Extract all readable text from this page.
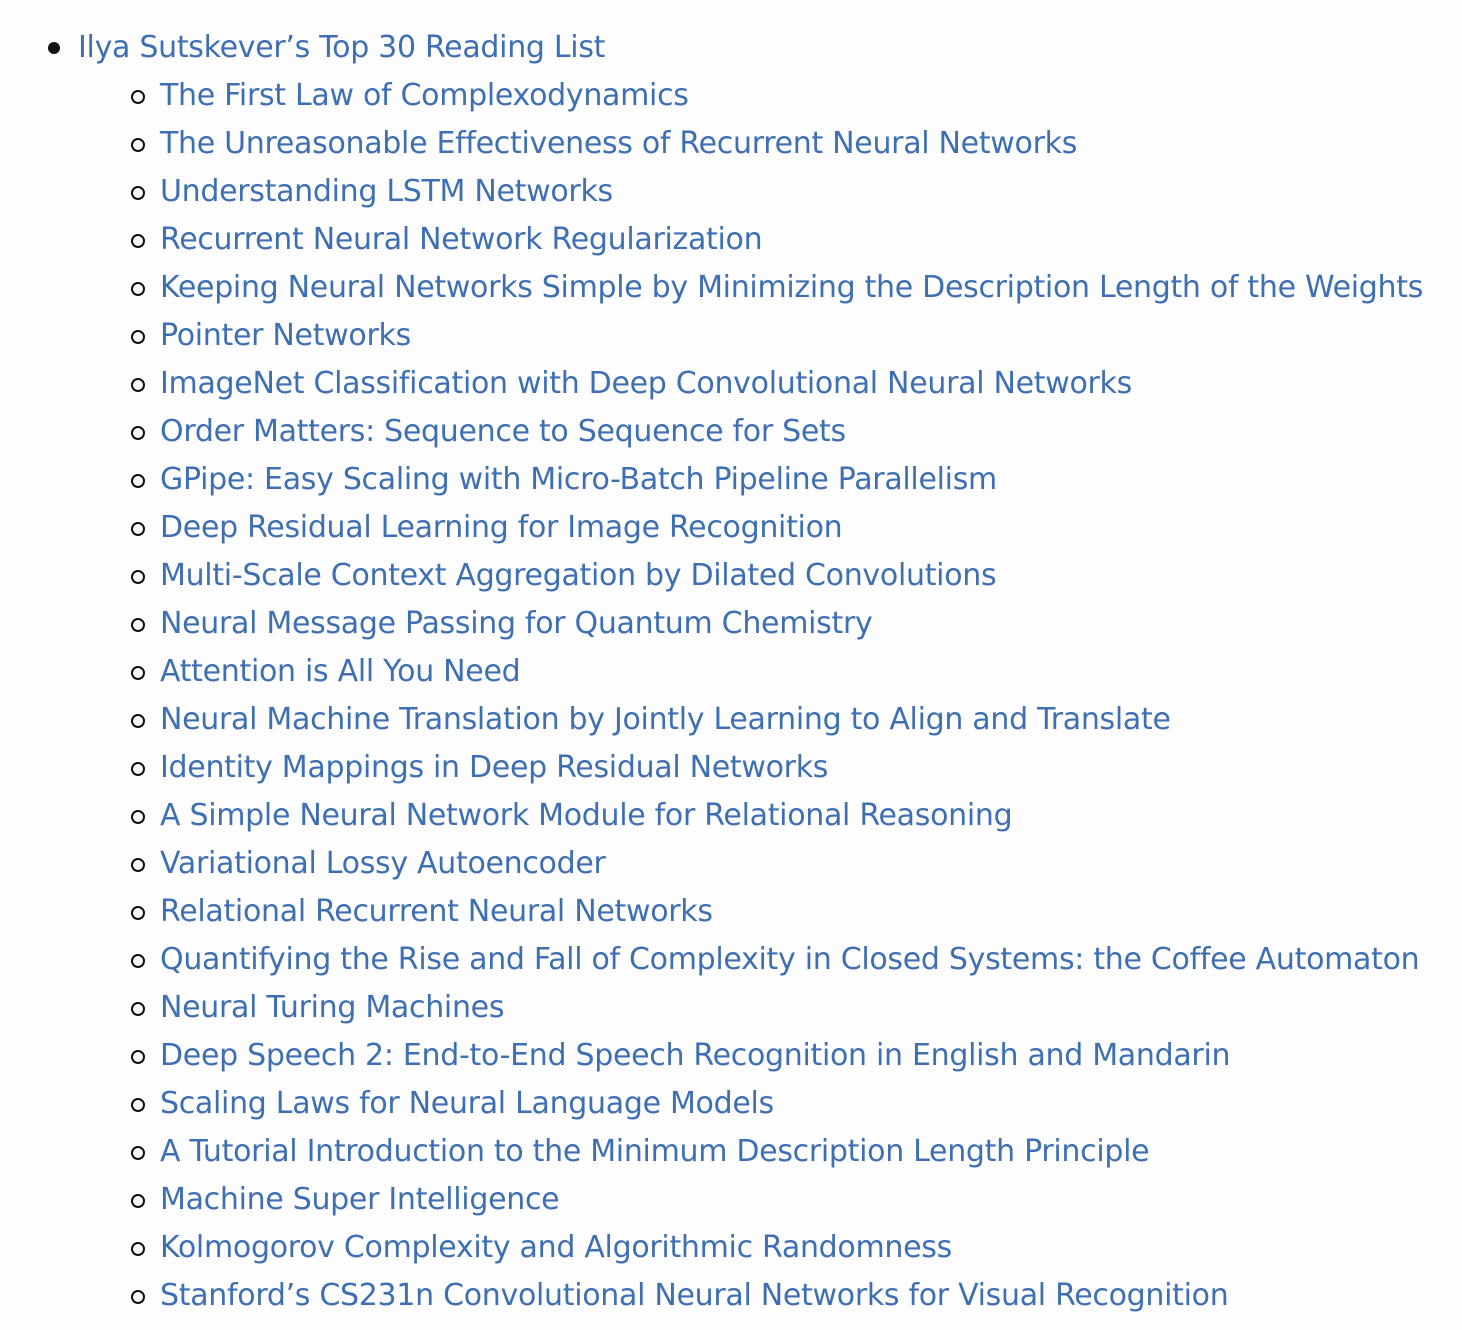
Ilya Sutskever’s Top 30 Reading List
The First Law of Complexodynamics
The Unreasonable Effectiveness of Recurrent Neural Networks
Understanding LSTM Networks
Recurrent Neural Network Regularization
Keeping Neural Networks Simple by Minimizing the Description Length of the Weights
Pointer Networks
ImageNet Classification with Deep Convolutional Neural Networks
Order Matters: Sequence to Sequence for Sets
GPipe: Easy Scaling with Micro-Batch Pipeline Parallelism
Deep Residual Learning for Image Recognition
Multi-Scale Context Aggregation by Dilated Convolutions
Neural Message Passing for Quantum Chemistry
Attention is All You Need
Neural Machine Translation by Jointly Learning to Align and Translate
Identity Mappings in Deep Residual Networks
A Simple Neural Network Module for Relational Reasoning
Variational Lossy Autoencoder
Relational Recurrent Neural Networks
Quantifying the Rise and Fall of Complexity in Closed Systems: the Coffee Automaton
Neural Turing Machines
Deep Speech 2: End-to-End Speech Recognition in English and Mandarin
Scaling Laws for Neural Language Models
A Tutorial Introduction to the Minimum Description Length Principle
Machine Super Intelligence
Kolmogorov Complexity and Algorithmic Randomness
Stanford’s CS231n Convolutional Neural Networks for Visual Recognition
